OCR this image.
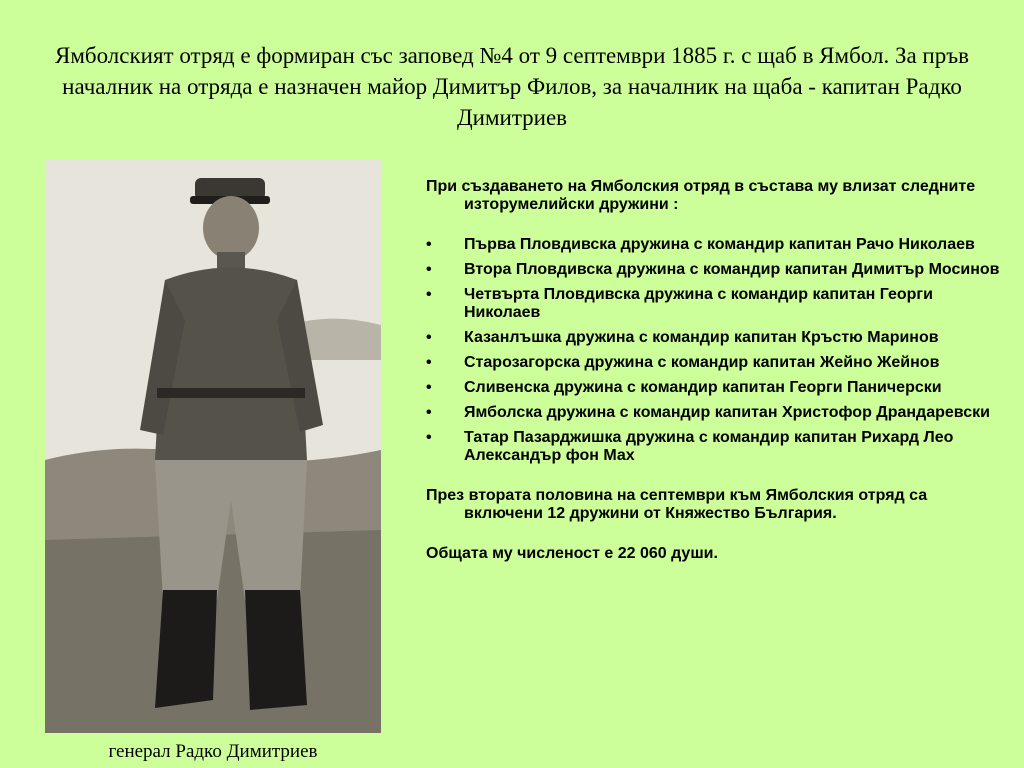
Ямболският отряд е формиран със заповед №4 от 9 септември 1885 г. с щаб в Ямбол. За пръв началник на отряда е назначен майор Димитър Филов, за началник на щаба - капитан Радко Димитриев
генерал Радко Димитриев

При създаването на Ямболския отряд в състава му влизат следните изторумелийски дружини :

• Първа Пловдивска дружина с командир капитан Рачо Николаев
• Втора Пловдивска дружина с командир капитан Димитър Мосинов
• Четвърта Пловдивска дружина с командир капитан Георги Николаев
• Казанлъшка дружина с командир капитан Кръстю Маринов
• Старозагорска дружина с командир капитан Жейно Жейнов
• Сливенска дружина с командир капитан Георги Паничерски
• Ямболска дружина с командир капитан Христофор Драндаревски
• Татар Пазарджишка дружина с командир капитан Рихард Лео Александър фон Мах

През втората половина на септември към Ямболския отряд са включени 12 дружини от Княжество България.

Общата му численост е 22 060 души.
